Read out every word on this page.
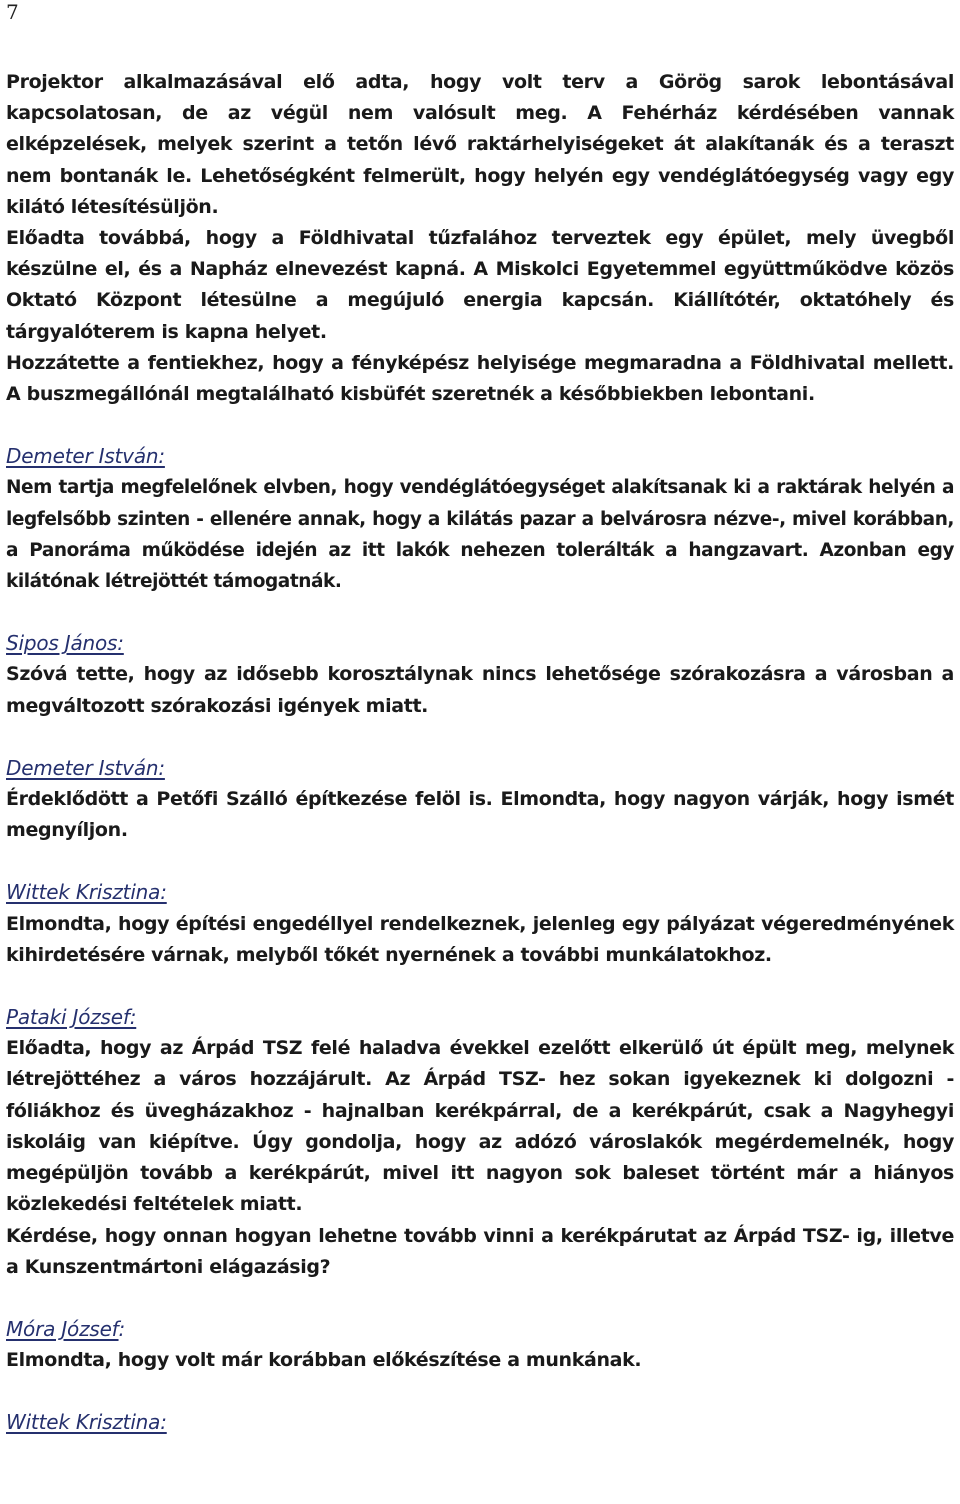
7

Projektor alkalmazásával elő adta, hogy volt terv a Görög sarok lebontásával kapcsolatosan, de az végül nem valósult meg. A Fehérház kérdésében vannak elképzelések, melyek szerint a tetőn lévő raktárhelyiségeket át alakítanák és a teraszt nem bontanák le. Lehetőségként felmerült, hogy helyén egy vendéglátóegység vagy egy kilátó létesítésüljön.

Előadta továbbá, hogy a Földhivatal tűzfalához terveztek egy épület, mely üvegből készülne el, és a Napház elnevezést kapná. A Miskolci Egyetemmel együttműködve közös Oktató Központ létesülne a megújuló energia kapcsán. Kiállítótér, oktatóhely és tárgyalóterem is kapna helyet.

Hozzátette a fentiekhez, hogy a fényképész helyisége megmaradna a Földhivatal mellett. A buszmegállónál megtalálható kisbüfét szeretnék a későbbiekben lebontani.

Demeter István:

Nem tartja megfelelőnek elvben, hogy vendéglátóegységet alakítsanak ki a raktárak helyén a legfelsőbb szinten - ellenére annak, hogy a kilátás pazar a belvárosra nézve-, mivel korábban, a Panoráma működése idején az itt lakók nehezen tolerálták a hangzavart. Azonban egy kilátónak létrejöttét támogatnák.

Sipos János:

Szóvá tette, hogy az idősebb korosztálynak nincs lehetősége szórakozásra a városban a megváltozott szórakozási igények miatt.

Demeter István:

Érdeklődött a Petőfi Szálló építkezése felöl is. Elmondta, hogy nagyon várják, hogy ismét megnyíljon.

Wittek Krisztina:

Elmondta, hogy építési engedéllyel rendelkeznek, jelenleg egy pályázat végeredményének kihirdetésére várnak, melyből tőkét nyernének a további munkálatokhoz.

Pataki József:

Előadta, hogy az Árpád TSZ felé haladva évekkel ezelőtt elkerülő út épült meg, melynek létrejöttéhez a város hozzájárult. Az Árpád TSZ- hez sokan igyekeznek ki dolgozni - fóliákhoz és üvegházakhoz - hajnalban kerékpárral, de a kerékpárút, csak a Nagyhegyi iskoláig van kiépítve. Úgy gondolja, hogy az adózó városlakók megérdemelnék, hogy megépüljön tovább a kerékpárút, mivel itt nagyon sok baleset történt már a hiányos közlekedési feltételek miatt.

Kérdése, hogy onnan hogyan lehetne tovább vinni a kerékpárutat az Árpád TSZ- ig, illetve a Kunszentmártoni elágazásig?

Móra József:

Elmondta, hogy volt már korábban előkészítése a munkának.

Wittek Krisztina:
